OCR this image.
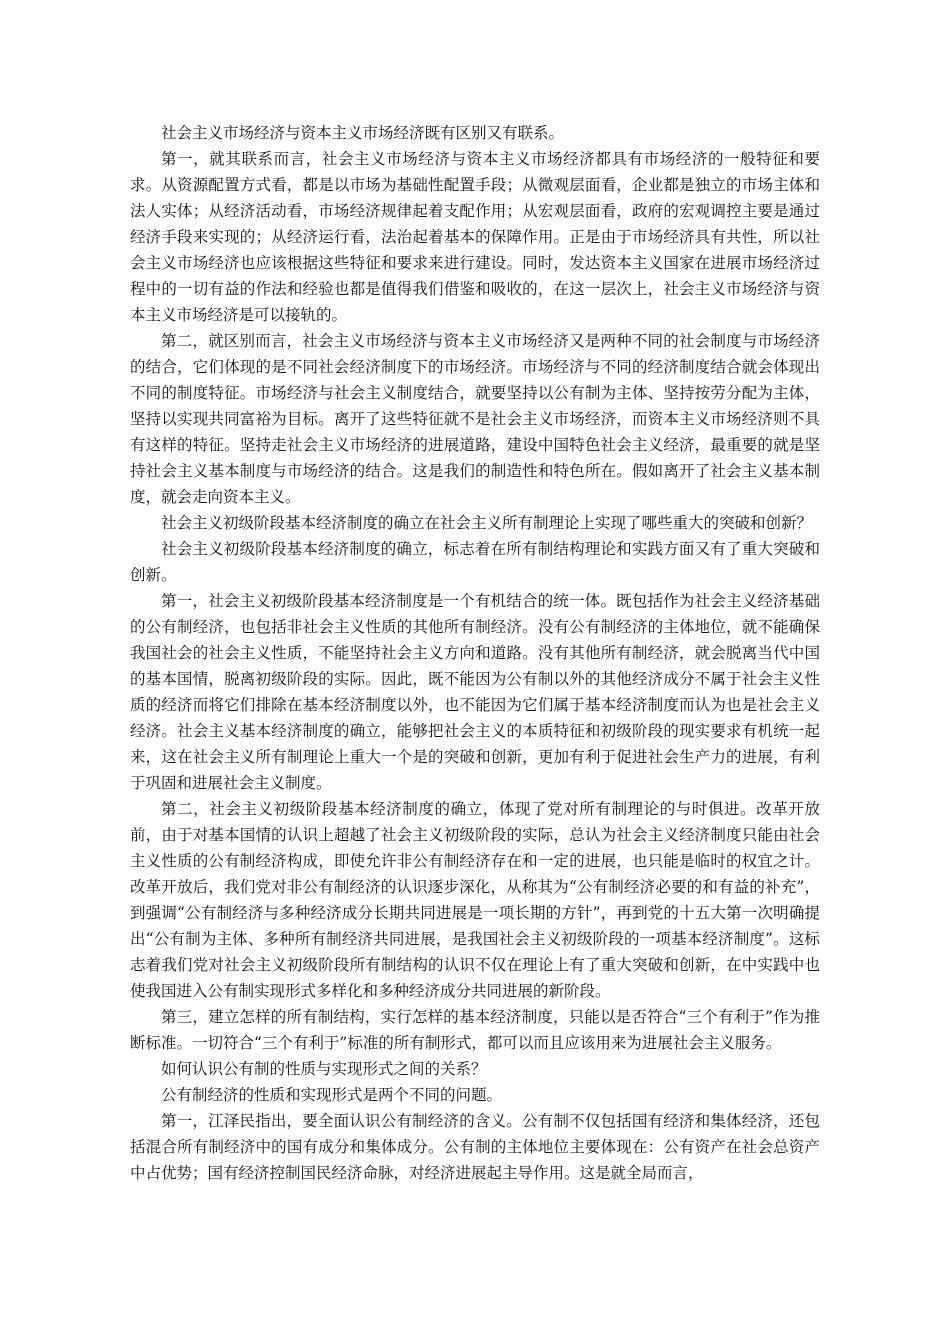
社会主义市场经济与资本主义市场经济既有区别又有联系。

第一，就其联系而言，社会主义市场经济与资本主义市场经济都具有市场经济的一般特征和要求。从资源配置方式看，都是以市场为基础性配置手段；从微观层面看，企业都是独立的市场主体和法人实体；从经济活动看，市场经济规律起着支配作用；从宏观层面看，政府的宏观调控主要是通过经济手段来实现的；从经济运行看，法治起着基本的保障作用。正是由于市场经济具有共性，所以社会主义市场经济也应该根据这些特征和要求来进行建设。同时，发达资本主义国家在进展市场经济过程中的一切有益的作法和经验也都是值得我们借鉴和吸收的，在这一层次上，社会主义市场经济与资本主义市场经济是可以接轨的。

第二，就区别而言，社会主义市场经济与资本主义市场经济又是两种不同的社会制度与市场经济的结合，它们体现的是不同社会经济制度下的市场经济。市场经济与不同的经济制度结合就会体现出不同的制度特征。市场经济与社会主义制度结合，就要坚持以公有制为主体、坚持按劳分配为主体，坚持以实现共同富裕为目标。离开了这些特征就不是社会主义市场经济，而资本主义市场经济则不具有这样的特征。坚持走社会主义市场经济的进展道路，建设中国特色社会主义经济，最重要的就是坚持社会主义基本制度与市场经济的结合。这是我们的制造性和特色所在。假如离开了社会主义基本制度，就会走向资本主义。

社会主义初级阶段基本经济制度的确立在社会主义所有制理论上实现了哪些重大的突破和创新？

社会主义初级阶段基本经济制度的确立，标志着在所有制结构理论和实践方面又有了重大突破和创新。

第一，社会主义初级阶段基本经济制度是一个有机结合的统一体。既包括作为社会主义经济基础的公有制经济，也包括非社会主义性质的其他所有制经济。没有公有制经济的主体地位，就不能确保我国社会的社会主义性质，不能坚持社会主义方向和道路。没有其他所有制经济，就会脱离当代中国的基本国情，脱离初级阶段的实际。因此，既不能因为公有制以外的其他经济成分不属于社会主义性质的经济而将它们排除在基本经济制度以外，也不能因为它们属于基本经济制度而认为也是社会主义经济。社会主义基本经济制度的确立，能够把社会主义的本质特征和初级阶段的现实要求有机统一起来，这在社会主义所有制理论上重大一个是的突破和创新，更加有利于促进社会生产力的进展，有利于巩固和进展社会主义制度。

第二，社会主义初级阶段基本经济制度的确立，体现了党对所有制理论的与时俱进。改革开放前，由于对基本国情的认识上超越了社会主义初级阶段的实际，总认为社会主义经济制度只能由社会主义性质的公有制经济构成，即使允许非公有制经济存在和一定的进展，也只能是临时的权宜之计。改革开放后，我们党对非公有制经济的认识逐步深化，从称其为“公有制经济必要的和有益的补充”，到强调“公有制经济与多种经济成分长期共同进展是一项长期的方针”，再到党的十五大第一次明确提出“公有制为主体、多种所有制经济共同进展，是我国社会主义初级阶段的一项基本经济制度”。这标志着我们党对社会主义初级阶段所有制结构的认识不仅在理论上有了重大突破和创新，在中实践中也使我国进入公有制实现形式多样化和多种经济成分共同进展的新阶段。

第三，建立怎样的所有制结构，实行怎样的基本经济制度，只能以是否符合“三个有利于”作为推断标准。一切符合“三个有利于”标准的所有制形式，都可以而且应该用来为进展社会主义服务。

如何认识公有制的性质与实现形式之间的关系？

公有制经济的性质和实现形式是两个不同的问题。

第一，江泽民指出，要全面认识公有制经济的含义。公有制不仅包括国有经济和集体经济，还包括混合所有制经济中的国有成分和集体成分。公有制的主体地位主要体现在：公有资产在社会总资产中占优势；国有经济控制国民经济命脉，对经济进展起主导作用。这是就全局而言，
